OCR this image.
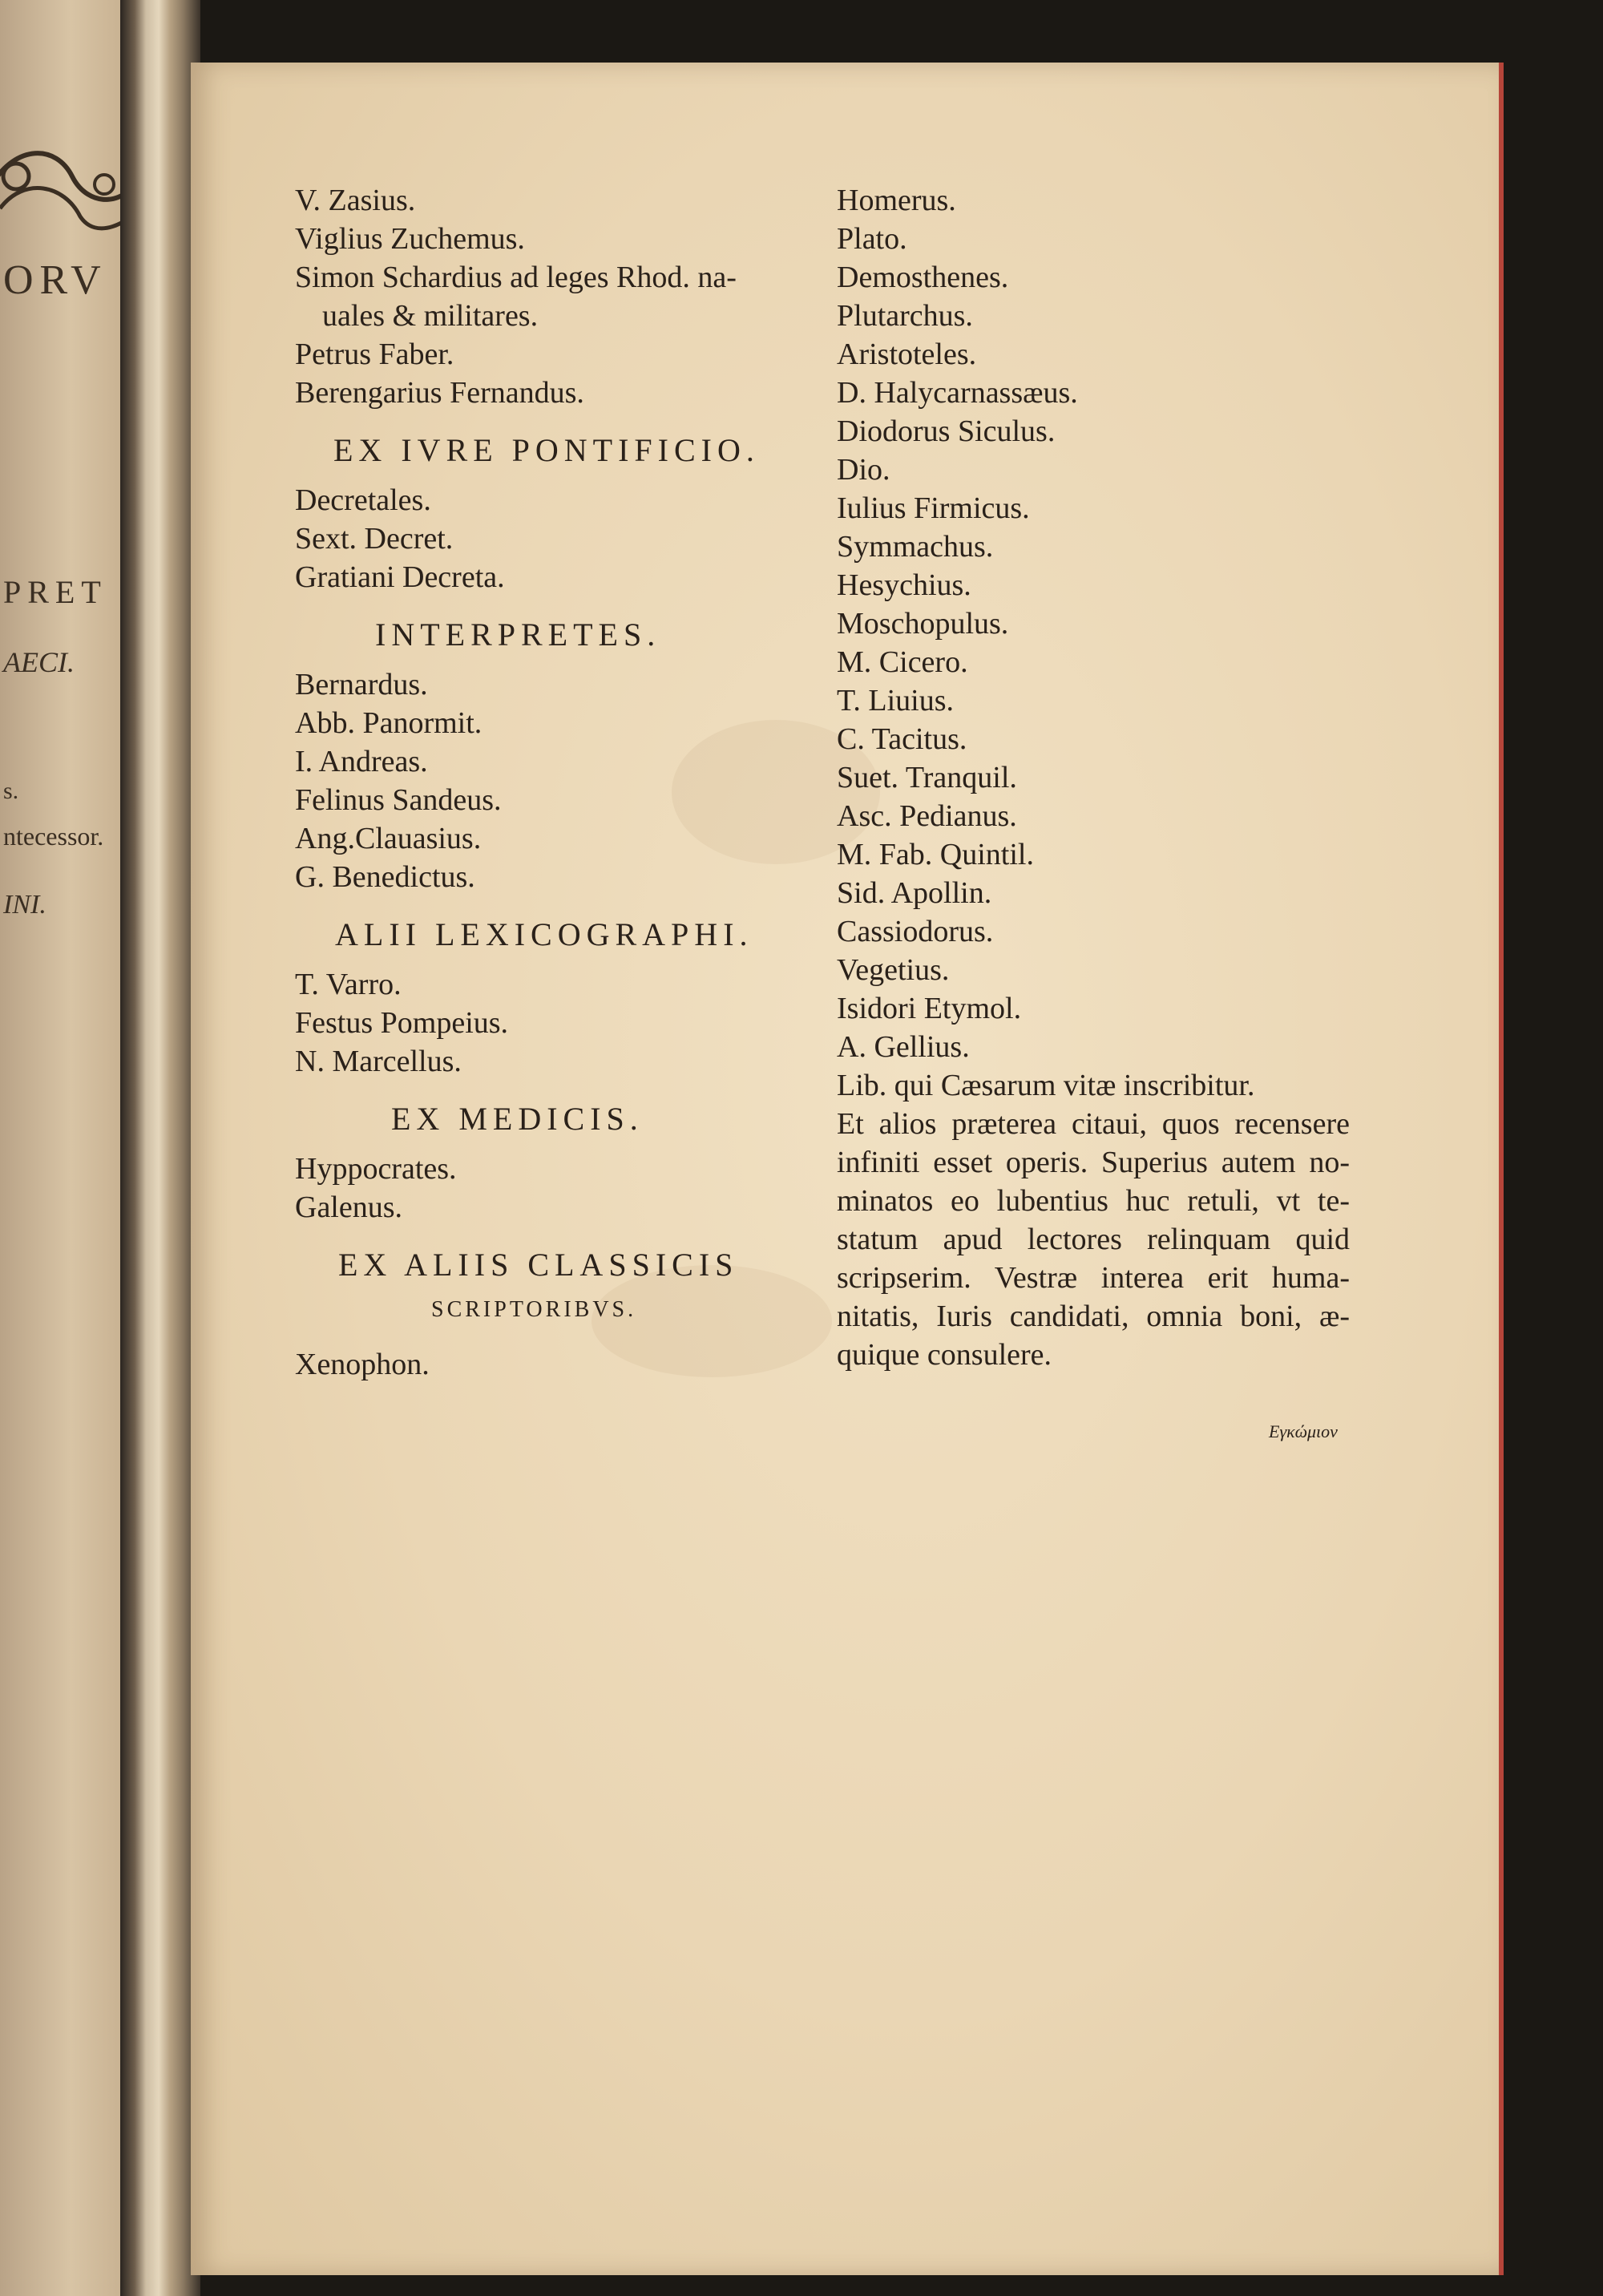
ORV
PRET
AECI.
s.
ntecessor.
INI.
V. Zasius.
Viglius Zuchemus.
Simon Schardius ad leges Rhod. na-
uales & militares.
Petrus Faber.
Berengarius Fernandus.
EX IVRE PONTIFICIO.
Decretales.
Sext. Decret.
Gratiani Decreta.
INTERPRETES.
Bernardus.
Abb. Panormit.
I. Andreas.
Felinus Sandeus.
Ang.Clauasius.
G. Benedictus.
ALII LEXICOGRAPHI.
T. Varro.
Festus Pompeius.
N. Marcellus.
EX MEDICIS.
Hyppocrates.
Galenus.
EX ALIIS CLASSICIS
SCRIPTORIBVS.
Xenophon.
Homerus.
Plato.
Demosthenes.
Plutarchus.
Aristoteles.
D. Halycarnassæus.
Diodorus Siculus.
Dio.
Iulius Firmicus.
Symmachus.
Hesychius.
Moschopulus.
M. Cicero.
T. Liuius.
C. Tacitus.
Suet. Tranquil.
Asc. Pedianus.
M. Fab. Quintil.
Sid. Apollin.
Cassiodorus.
Vegetius.
Isidori Etymol.
A. Gellius.
Lib. qui Cæsarum vitæ inscribitur.
Et alios præterea citaui, quos recensere
infiniti esset operis. Superius autem no-
minatos eo lubentius huc retuli, vt te-
statum apud lectores relinquam quid
scripserim. Vestræ interea erit huma-
nitatis, Iuris candidati, omnia boni, æ-
quique consulere.
Εγκώμιον
